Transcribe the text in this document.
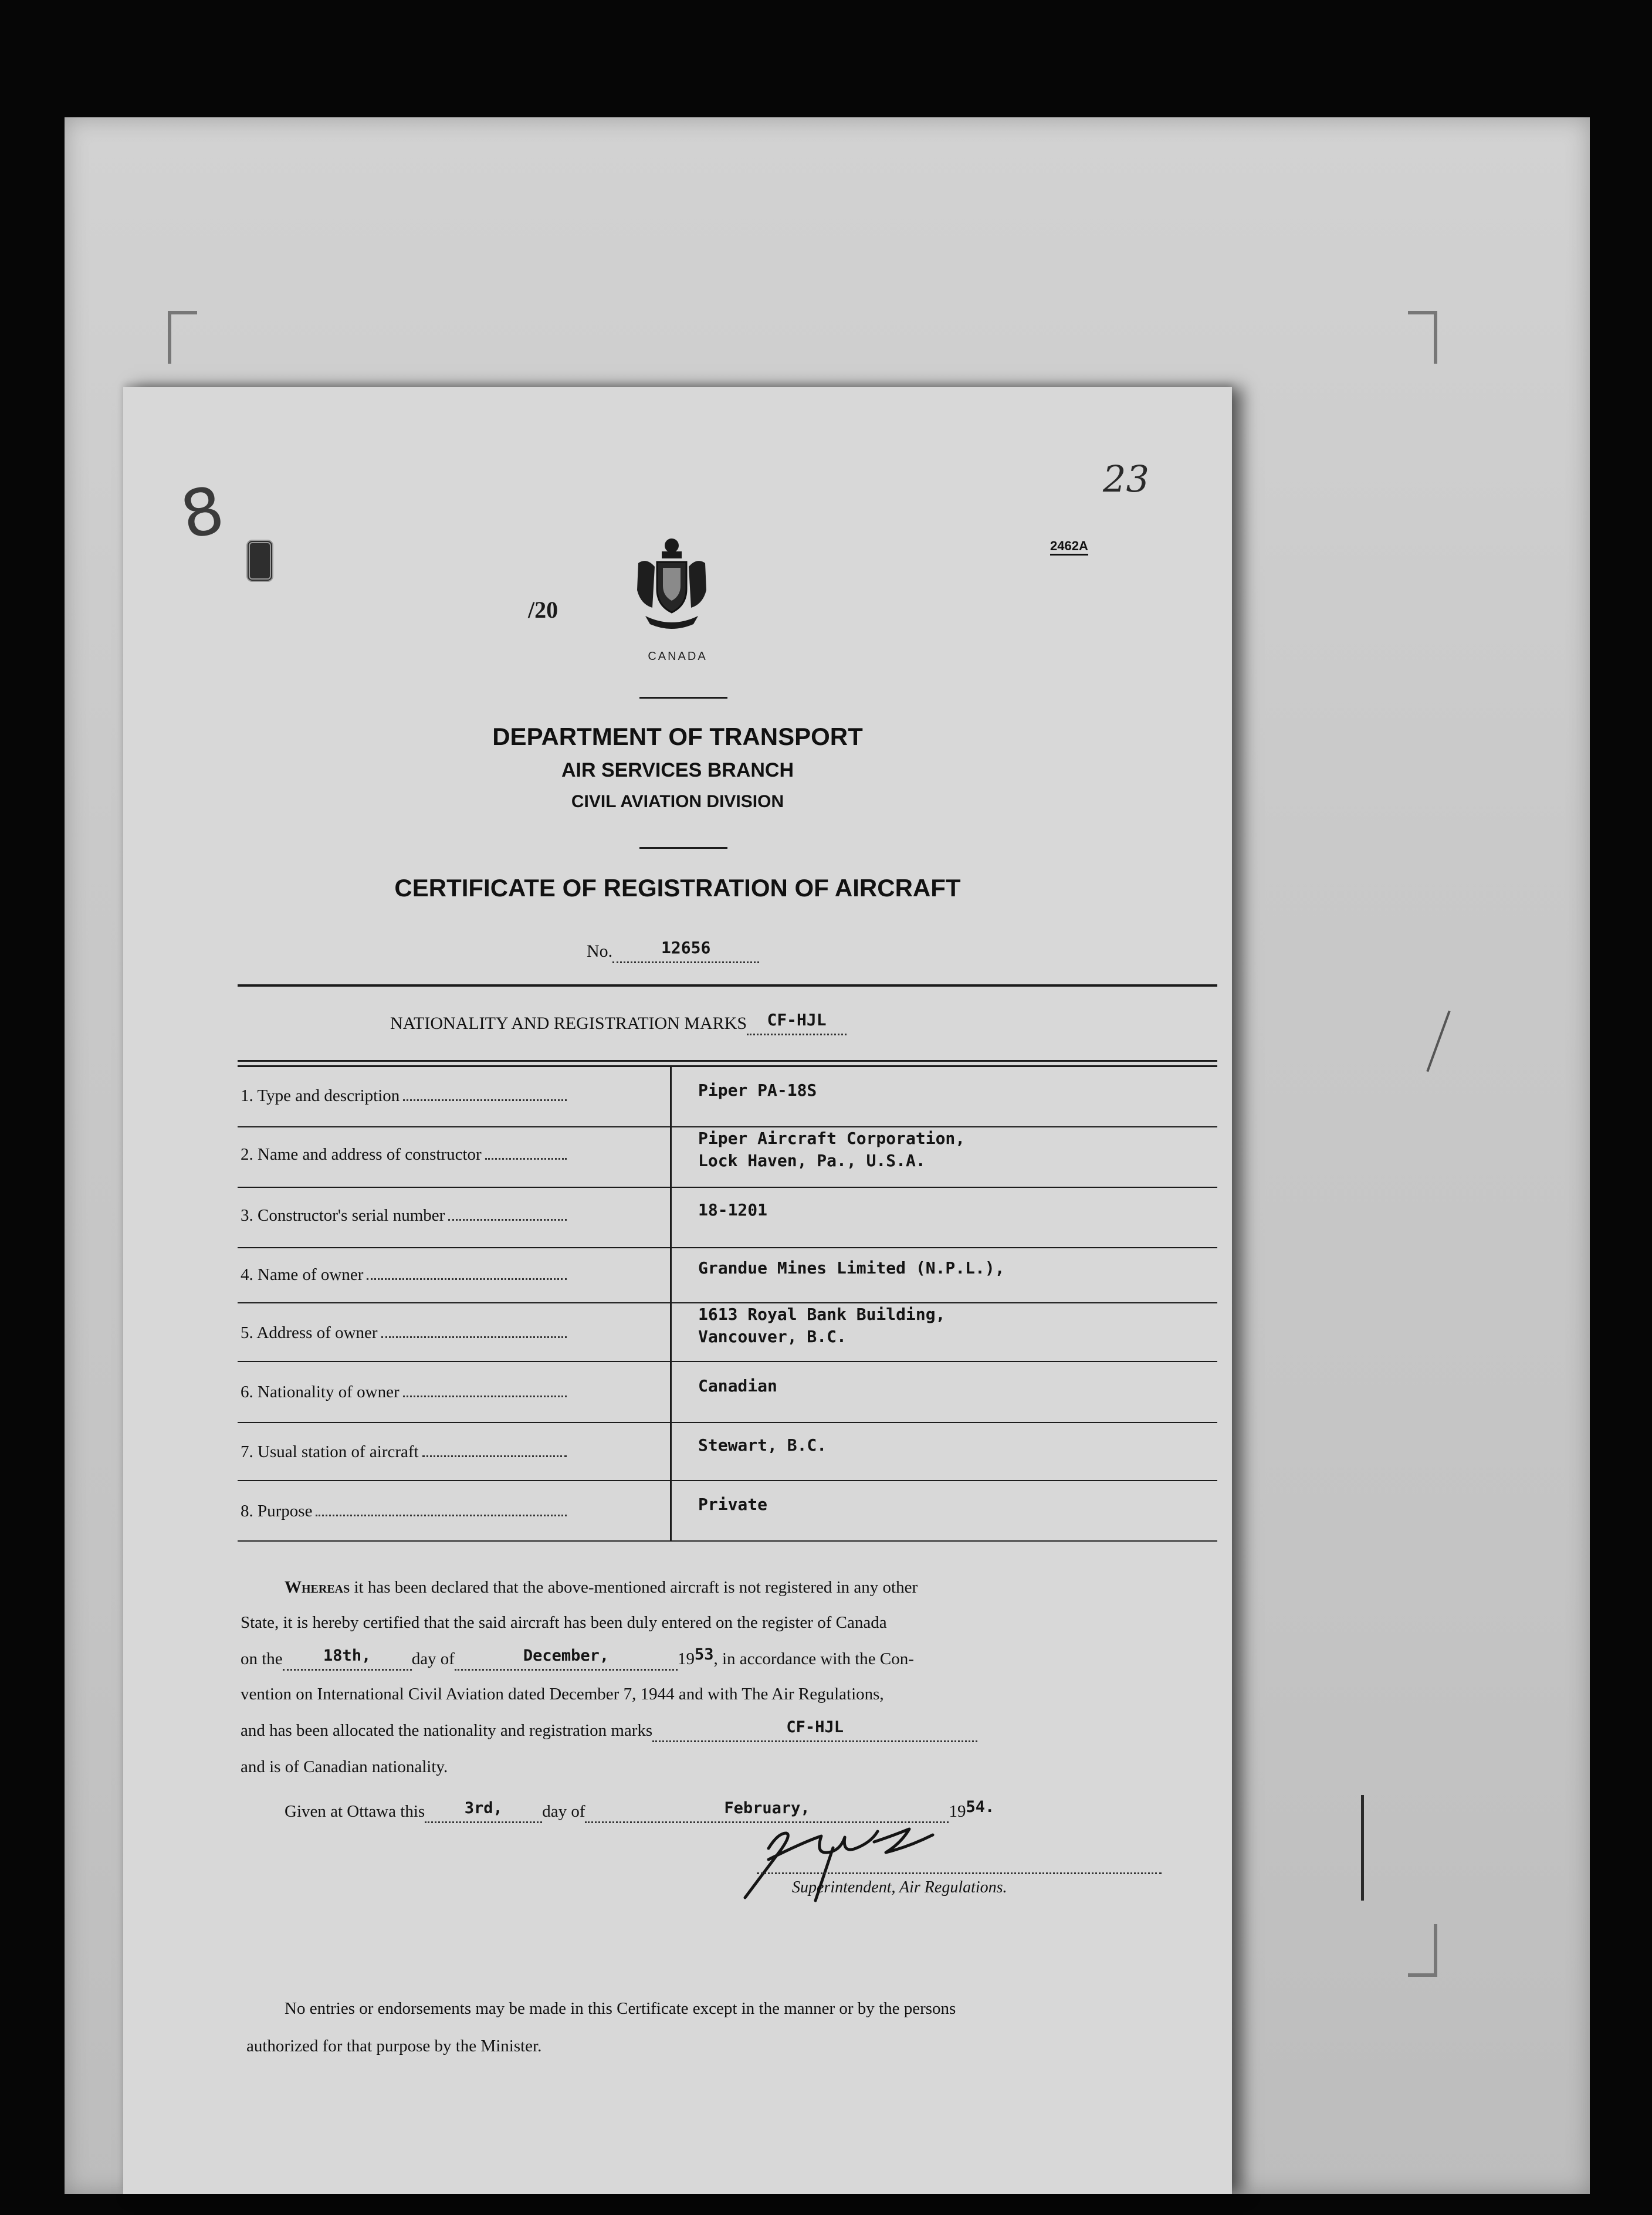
23
8	2462A
/20
CANADA
DEPARTMENT OF TRANSPORT
AIR SERVICES BRANCH
CIVIL AVIATION DIVISION
CERTIFICATE OF REGISTRATION OF AIRCRAFT
No.	12656
NATIONALITY AND REGISTRATION MARKS CF-HJL
1. Type and description	Piper PA-18S
2. Name and address of constructor
Piper Aircraft Corporation,
Lock Haven, Pa., U.S.A.
3. Constructor's serial number	18-1201
4. Name of owner	Grandue Mines Limited (N.P.L.),
5. Address of owner
1613 Royal Bank Building,
Vancouver, B.C.
6. Nationality of owner	Canadian
7. Usual station of aircraft	Stewart, B.C.
8. Purpose	Private
Whereas it has been declared that the above-mentioned aircraft is not registered in any other
State, it is hereby certified that the said aircraft has been duly entered on the register of Canada
on the	18th, day of	December,	1953, in accordance with the Con-
vention on International Civil Aviation dated December 7, 1944 and with The Air Regulations,
and has been allocated the nationality and registration marks	CF-HJL
and is of Canadian nationality.
Given at Ottawa this 3rd, day of	February,	1954.
Superintendent, Air Regulations.
No entries or endorsements may be made in this Certificate except in the manner or by the persons
authorized for that purpose by the Minister.
